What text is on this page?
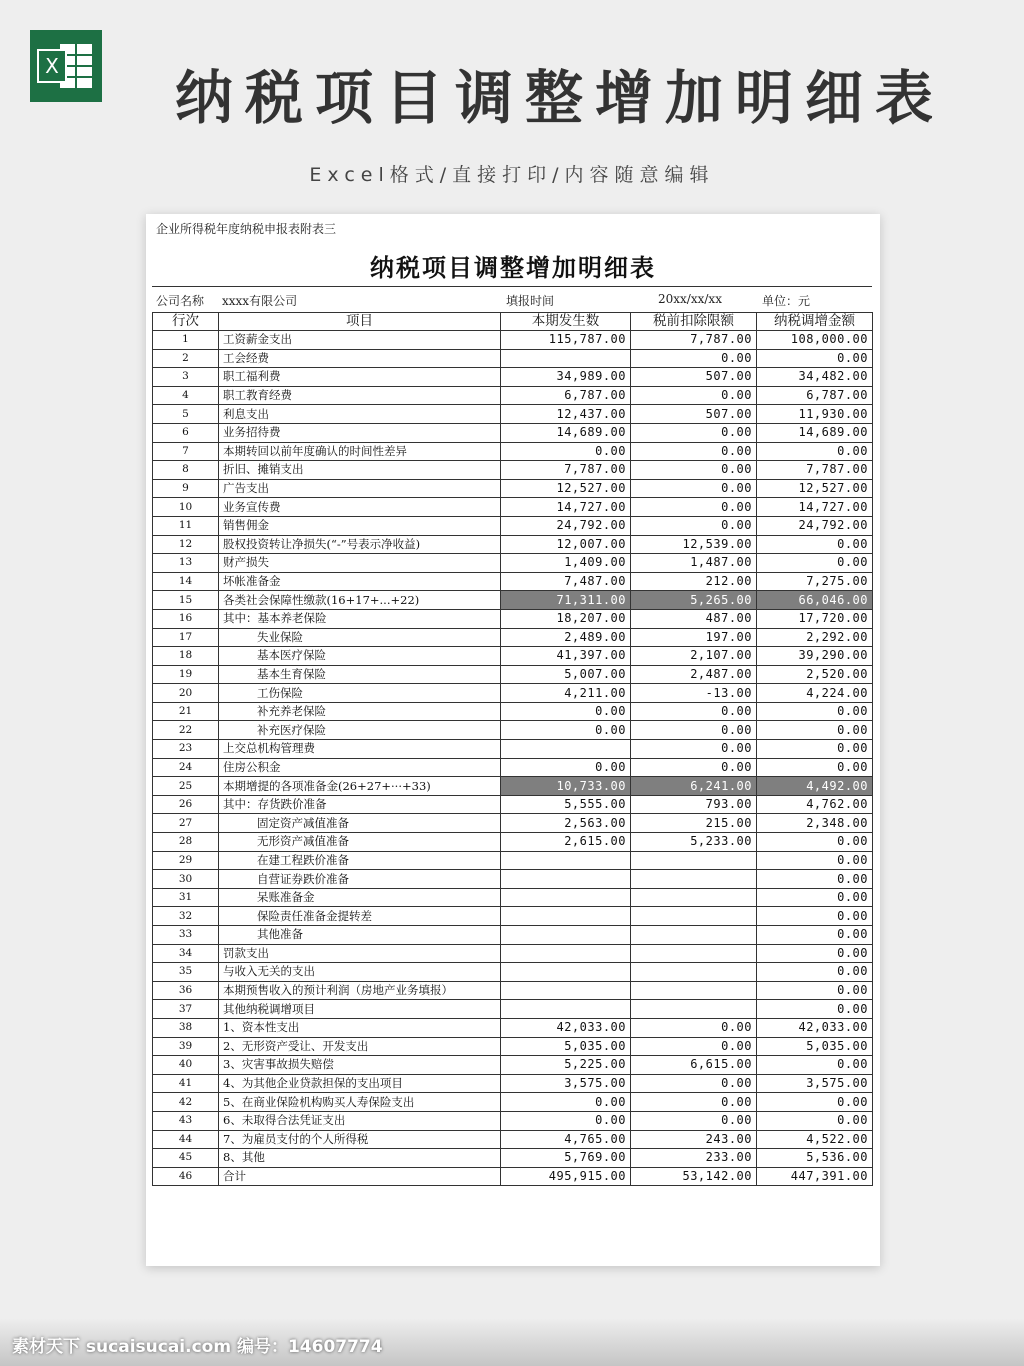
X	纳税项目调整增加明细表
Excel格式/直接打印/内容随意编辑
企业所得税年度纳税申报表附表三
纳税项目调整增加明细表
公司名称 xxxx有限公司	填报时间	20xx/xx/xx	单位：元
行次	项目	本期发生数	税前扣除限额	纳税调增金额
1	工资薪金支出	115,787.00	7,787.00	108,000.00
2	工会经费		0.00	0.00
3	职工福利费	34,989.00	507.00	34,482.00
4	职工教育经费	6,787.00	0.00	6,787.00
5	利息支出	12,437.00	507.00	11,930.00
6	业务招待费	14,689.00	0.00	14,689.00
7	本期转回以前年度确认的时间性差异	0.00	0.00	0.00
8	折旧、摊销支出	7,787.00	0.00	7,787.00
9	广告支出	12,527.00	0.00	12,527.00
10	业务宣传费	14,727.00	0.00	14,727.00
11	销售佣金	24,792.00	0.00	24,792.00
12	股权投资转让净损失(“-”号表示净收益)	12,007.00	12,539.00	0.00
13	财产损失	1,409.00	1,487.00	0.00
14	坏帐准备金	7,487.00	212.00	7,275.00
15	各类社会保障性缴款(16+17+...+22)	71,311.00	5,265.00	66,046.00
16	其中：基本养老保险	18,207.00	487.00	17,720.00
17	失业保险	2,489.00	197.00	2,292.00
18	基本医疗保险	41,397.00	2,107.00	39,290.00
19	基本生育保险	5,007.00	2,487.00	2,520.00
20	工伤保险	4,211.00	-13.00	4,224.00
21	补充养老保险	0.00	0.00	0.00
22	补充医疗保险	0.00	0.00	0.00
23	上交总机构管理费		0.00	0.00
24	住房公积金	0.00	0.00	0.00
25	本期增提的各项准备金(26+27+···+33)	10,733.00	6,241.00	4,492.00
26	其中：存货跌价准备	5,555.00	793.00	4,762.00
27	固定资产减值准备	2,563.00	215.00	2,348.00
28	无形资产减值准备	2,615.00	5,233.00	0.00
29	在建工程跌价准备			0.00
30	自营证券跌价准备			0.00
31	呆账准备金			0.00
32	保险责任准备金提转差			0.00
33	其他准备			0.00
34	罚款支出			0.00
35	与收入无关的支出			0.00
36	本期预售收入的预计利润（房地产业务填报）			0.00
37	其他纳税调增项目			0.00
38	1、资本性支出	42,033.00	0.00	42,033.00
39	2、无形资产受让、开发支出	5,035.00	0.00	5,035.00
40	3、灾害事故损失赔偿	5,225.00	6,615.00	0.00
41	4、为其他企业贷款担保的支出项目	3,575.00	0.00	3,575.00
42	5、在商业保险机构购买人寿保险支出	0.00	0.00	0.00
43	6、未取得合法凭证支出	0.00	0.00	0.00
44	7、为雇员支付的个人所得税	4,765.00	243.00	4,522.00
45	8、其他	5,769.00	233.00	5,536.00
46	合计	495,915.00	53,142.00	447,391.00
素材天下 sucaisucai.com 编号：14607774
